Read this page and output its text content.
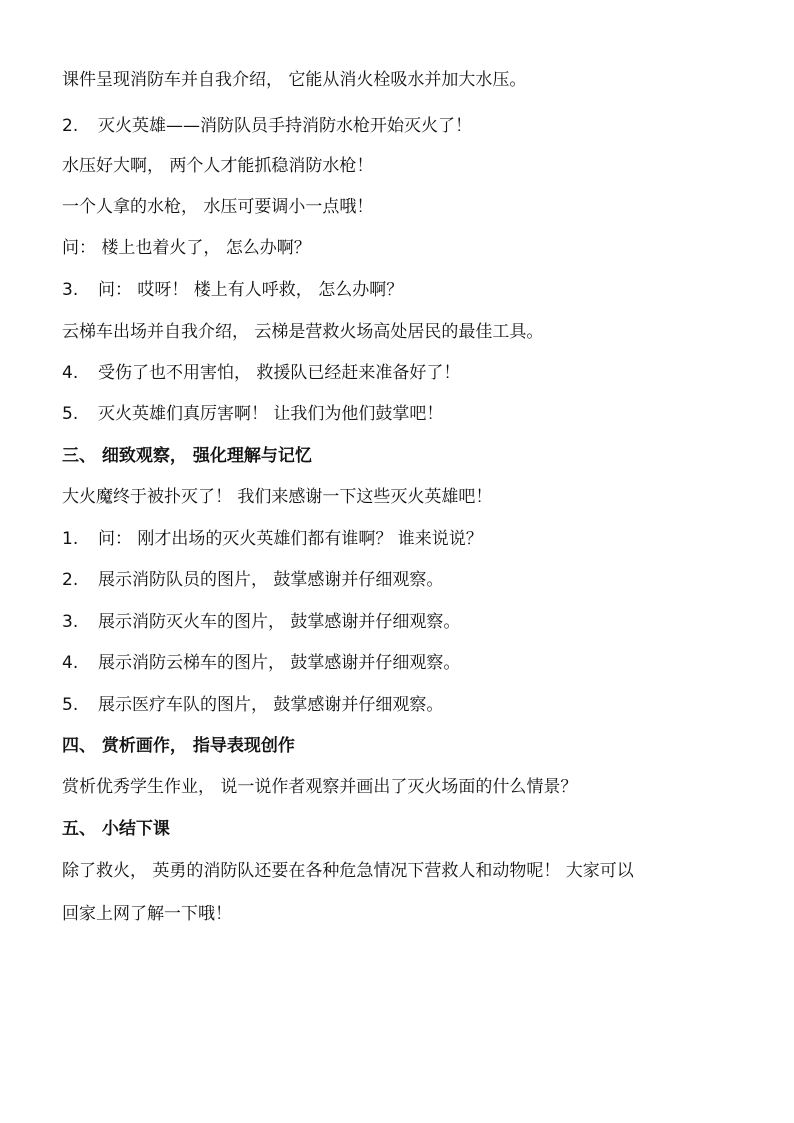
课件呈现消防车并自我介绍， 它能从消火栓吸水并加大水压。
2. 灭火英雄——消防队员手持消防水枪开始灭火了！
水压好大啊， 两个人才能抓稳消防水枪！
一个人拿的水枪， 水压可要调小一点哦！
问： 楼上也着火了， 怎么办啊？
3. 问： 哎呀！ 楼上有人呼救， 怎么办啊？
云梯车出场并自我介绍， 云梯是营救火场高处居民的最佳工具。
4. 受伤了也不用害怕， 救援队已经赶来准备好了！
5. 灭火英雄们真厉害啊！ 让我们为他们鼓掌吧！
三、 细致观察， 强化理解与记忆
大火魔终于被扑灭了！ 我们来感谢一下这些灭火英雄吧！
1. 问： 刚才出场的灭火英雄们都有谁啊？ 谁来说说？
2. 展示消防队员的图片， 鼓掌感谢并仔细观察。
3. 展示消防灭火车的图片， 鼓掌感谢并仔细观察。
4. 展示消防云梯车的图片， 鼓掌感谢并仔细观察。
5. 展示医疗车队的图片， 鼓掌感谢并仔细观察。
四、 赏析画作， 指导表现创作
赏析优秀学生作业， 说一说作者观察并画出了灭火场面的什么情景？
五、 小结下课
除了救火， 英勇的消防队还要在各种危急情况下营救人和动物呢！ 大家可以
回家上网了解一下哦！
